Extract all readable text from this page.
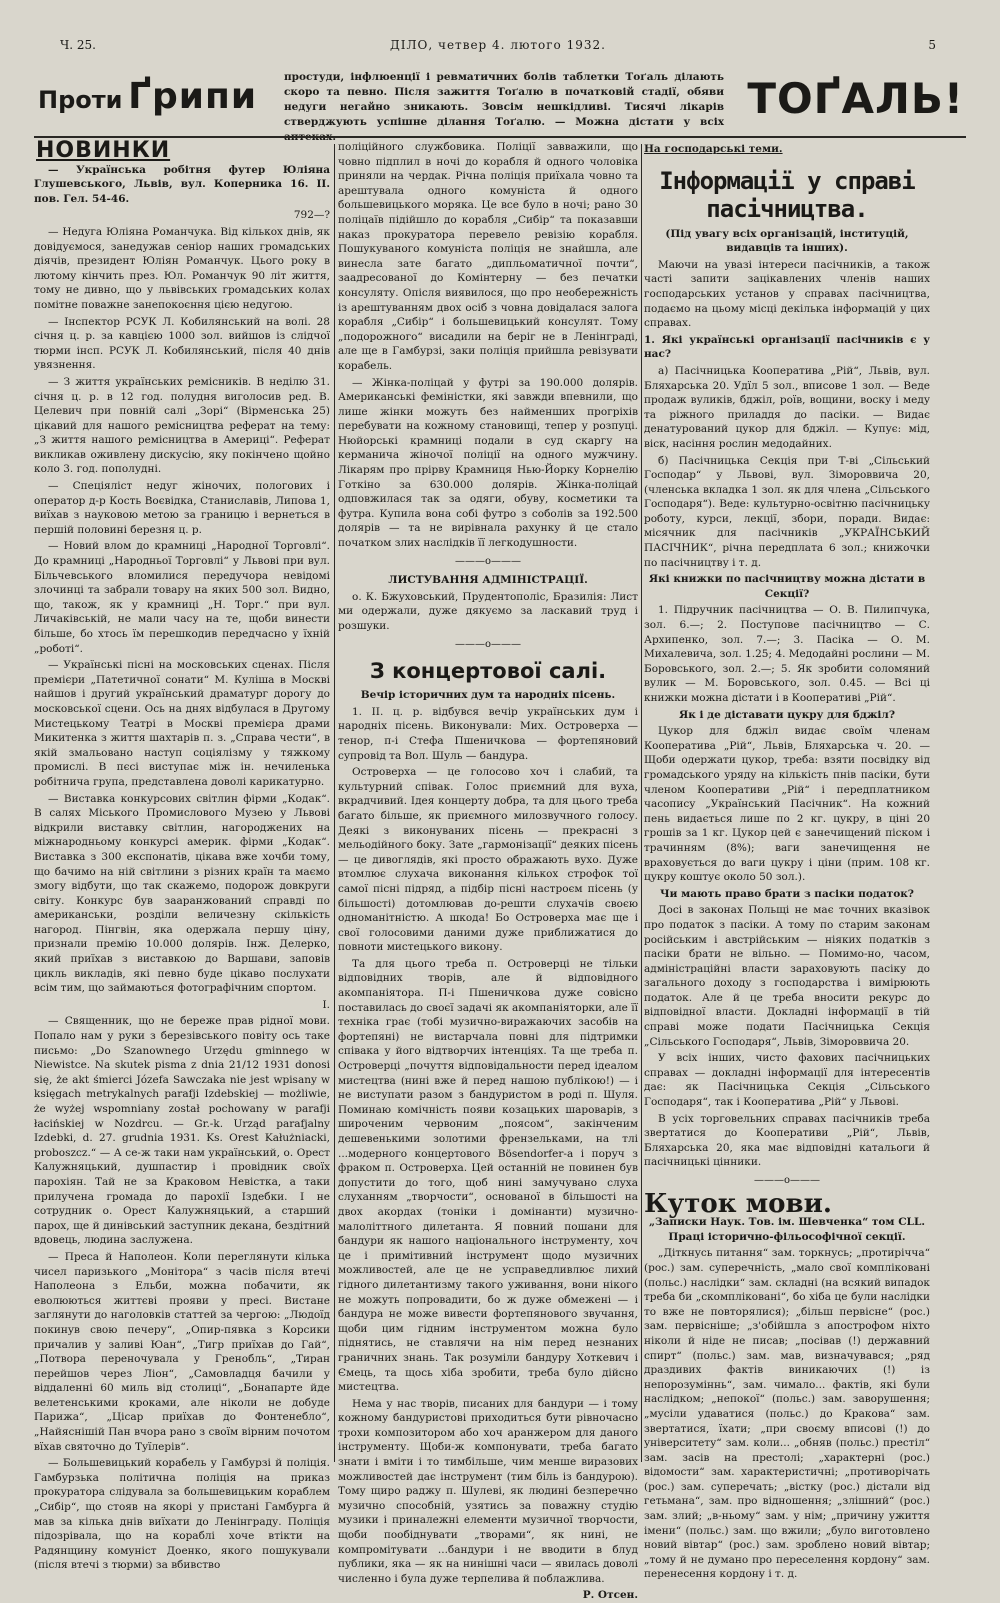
Ч. 25.	ДІЛО, четвер 4. лютого 1932.	5
Проти Ґрипи	простуди, інфлюенції і ревматичних болів таблетки Тоґаль ділають скоро та певно. Після зажиття Тоґалю в початковій стадії, обяви недуги негайно зникають. Зовсім нешкідливі. Тисячі лікарів стверджують успішне ділання Тоґалю. — Можна дістати у всіх ТОҐАЛЬ!
НОВИНКИ

— Українська робітня футер Юліяна Глушевського, Львів, вул. Коперника 16. II. пов. Гел. 54-46.

792—?

— Недуга Юліяна Романчука. Від кількох днів, як довідуємося, занедужав сеніор наших громадських діячів, президент Юліян Романчук. Цього року в лютому кінчить през. Юл. Романчук 90 літ життя, тому не дивно, що у львівських громадських колах помітне поважне занепокоєння цією недугою.

— Інспектор РСУК Л. Кобилянський на волі. 28 січня ц. р. за кавцією 1000 зол. вийшов із слідчої тюрми інсп. РСУК Л. Кобилянський, після 40 днів увязнення.

— З життя українських ремісників. В неділю 31. січня ц. р. в 12 год. полудня виголосив ред. В. Целевич при повній салі „Зорі“ (Вірменська 25) цікавий для нашого ремісництва реферат на тему: „З життя нашого ремісництва в Америці“. Реферат викликав оживлену дискусію, яку покінчено щойно коло 3. год. пополудні.

— Спеціяліст недуг жіночих, пологових і оператор д-р Кость Воєвідка, Станиславів, Липова 1, виїхав з науковою метою за границю і вернеться в першій половині березня ц. р.

— Новий влом до крамниці „Народної Торговлі“. До крамниці „Народньої Торговлі“ у Львові при вул. Більчевського вломилися передучора невідомі злочинці та забрали товару на яких 500 зол. Видно, що, також, як у крамниці „Н. Торг.“ при вул. Личаківській, не мали часу на те, щоби винести більше, бо хтось їм перешкодив передчасно у їхній „роботі“.

— Українські пісні на московських сценах. Після премієри „Патетичної сонати“ М. Куліша в Москві найшов і другий український драматург дорогу до московської сцени. Ось на днях відбулася в Другому Мистецькому Театрі в Москві премієра драми Микитенка з життя шахтарів п. з. „Справа чести“, в якій змальовано наступ соціялізму у тяжкому промислі. В пєсі виступає між ін. нечиленька робітнича група, представлена доволі карикатурно.

— Виставка конкурсових світлин фірми „Кодак“. В салях Міського Промислового Музею у Львові відкрили виставку світлин, нагороджених на міжнародньому конкурсі америк. фірми „Кодак“. Виставка з 300 експонатів, цікава вже хочби тому, що бачимо на ній світлини з різних країн та маємо змогу відбути, що так скажемо, подорож довкруги світу. Конкурс був зааранжований справді по американськи, розділи величезну скількість нагород. Пінгвін, яка одержала першу ціну, признали премію 10.000 долярів. Інж. Делерко, який приїхав з виставкою до Варшави, заповів цикль викладів, які певно буде цікаво послухати всім тим, що займаються фотографічним спортом.

І.

— Священник, що не береже прав рідної мови. Попало нам у руки з березівського повіту ось таке письмо: „Do Szanownego Urzędu gminnego w Niewistce. Na skutek pisma z dnia 21/12 1931 donosi się, że akt śmierci Józefa Sawczaka nie jest wpisany w księgach metrykalnych parafji Izdebskiej — możliwie, że wyżej wspomniany został pochowany w parafji łacińskiej w Nozdrcu. — Gr.-k. Urząd parafjalny Izdebki, d. 27. grudnia 1931. Ks. Orest Kałużniacki, proboszcz.“ — А се-ж таки нам український, о. Орест Калужняцький, душпастир і провідник своїх парохіян. Тай не за Краковом Невістка, а таки прилучена громада до парохії Іздебки. І не сотрудник о. Орест Калужняцький, а старший парох, ще й динівський заступник декана, бездітний вдовець, людина заслужена.

— Преса й Наполеон. Коли переглянути кілька чисел паризького „Монітора“ з часів після втечі Наполеона з Ельби, можна побачити, як еволюються життєві прояви у пресі. Вистане заглянути до наголовків статтей за чергою: „Людоїд покинув свою печеру“, „Опир-пявка з Корсики причалив у заливі Юан“, „Тигр приїхав до Гай“, „Потвора переночувала у Гренобль“, „Тиран перейшов через Ліон“, „Самовладця бачили у віддаленні 60 миль від столиці“, „Бонапарте йде велетенськими кроками, але ніколи не добуде Парижа“, „Цісар приїхав до Фонтенебло“, „Найяснішій Пан вчора рано з своїм вірним почотом вїхав святочно до Туїлерів“.

— Большевицький корабель у Гамбурзі й поліція. Гамбурзька політична поліція на приказ прокуратора слідувала за большевицьким кораблем „Сибір“, що стояв на якорі у пристані Гамбурга й мав за кілька днів виїхати до Ленінграду. Поліція підозрівала, що на кораблі хоче втікти на Радянщину комуніст Доенко, якого пошукували (після втечі з тюрми) за вбивство

поліційного службовика. Поліції завважили, що човно підплил в ночі до корабля й одного чоловіка приняли на чердак. Річна поліція приїхала човно та арештувала одного комуніста й одного большевицького моряка. Це все було в ночі; рано 30 поліцаїв підійшло до корабля „Сибір“ та показавши наказ прокуратора перевело ревізію корабля. Пошукуваного комуніста поліція не знайшла, але винесла затe багато „дипльоматичної почти“, заадресованої до Комінтерну — без печатки консуляту. Опісля виявилося, що про необережність із арештуванням двох осіб з човна довідалася залога корабля „Сибір“ і большевицький консулят. Тому „подорожного“ висадили на беріг не в Ленінграді, але ще в Гамбурзі, заки поліція прийшла ревізувати корабель.

— Жінка-поліцай у футрі за 190.000 долярів. Американські феміністки, які завжди впевнили, що лише жінки можуть без найменших прогріхів перебувати на кожному становищі, тепер у розпуці. Нюйорські крамниці подали в суд скаргу на керманича жіночої поліції на одного мужчину. Лікарям про прірву Крамниця Нью-Йорку Корнелію Готкіно за 630.000 долярів. Жінка-поліцай одповжилася так за одяги, обуву, косметики та футра. Купила вона собі футро з соболів за 192.500 долярів — та не вирівнала рахунку й це стало початком злих наслідків її легкодушности.

———o———

ЛИСТУВАННЯ АДМІНІСТРАЦІЇ.

о. К. Бжуховський, Прудентополіс, Бразилія: Лист ми одержали, дуже дякуємо за ласкавий труд і розшуки.

———o———
З концертової салі.

Вечір історичних дум та народніх пісень.

1. II. ц. р. відбувся вечір українських дум і народніх пісень. Виконували: Мих. Островерха — тенор, п-і Стефа Пшеничкова — фортепяновий супровід та Вол. Шуль — бандура.

Островерха — це голосово хоч і слабий, та культурний співак. Голос приємний для вуха, вкрадчивий. Ідея концерту добра, та для цього треба багато більше, як приємного милозвучного голосу. Деякі з виконуваних пісень — прекрасні з мельодійного боку. Зате „гармонізації“ деяких пісень — це дивоглядів, які просто ображають вухо. Дуже втомлює слухача виконання кількох строфок тої самої пісні підряд, а підбір пісні настроєм пісень (у більшості) дотомлював до-решти слухачів своєю одноманітністю. А шкода! Бо Островерха має ще і свої голосовими даними дуже приближатися до повноти мистецького викону.

Та для цього треба п. Островерці не тільки відповідних творів, але й відповідного акомпаніятора. П-і Пшеничкова дуже совісно поставилась до своєї задачі як акомпаніяторки, але її техніка грає (тобі музично-виражаючих засобів на фортепяні) не вистарчала повні для підтримки співака у його відтворчих інтенціях. Та ще треба п. Островерці „почуття відповідальности перед ідеалом мистецтва (нині вже й перед нашою публікою!) — і не виступати разом з бандуристом в роді п. Шуля. Поминаю комічність появи козацьких шароварів, з широченим червоним „поясом“, закінченим дешевенькими золотими френзельками, на тлі ...модерного концертового Bösendorfer-а і поруч з фраком п. Островерха. Цей останній не повинен був допустити до того, щоб нині замучувано слуха слуханням „творчости“, основаної в більшості на двох акордах (тоніки і домінанти) музично-малоліттного дилетанта. Я повний пошани для бандури як нашого національного інструменту, хоч це і примітивний інструмент щодо музичних можливостей, але це не усправедливлює лихий гідного дилетантизму такого уживання, вони нікого не можуть попровадити, бо ж дуже обмежені — і бандура не може вивести фортепянового звучання, щоби цим гідним інструментом можна було піднятись, не ставлячи на нім перед незнаних граничних знань. Так розуміли бандуру Хоткевич і Ємець, та щось хіба зробити, треба було дійсно мистецтва.

Нема у нас творів, писаних для бандури — і тому кожному бандуристові приходиться бути рівночасно трохи композитором або хоч аранжером для даного інструменту. Щоби-ж компонувати, треба багато знати і вміти і то тимбільше, чим менше виразових можливостей дає інструмент (тим біль із бандурою). Тому щиро раджу п. Шулеві, як людині безперечно музично способній, узятись за поважну студію музики і приналежні елементи музичної творчости, щоби пообіднувати „творами“, як нині, не компромітувати ...бандури і не вводити в блуд публики, яка — як на нинішні часи — явилась доволі численно і була дуже терпелива й поблажлива.

Р. Отсен.

На господарські теми.
Інформації у справі пасічництва.

(Під увагу всіх організацій, інституцій, видавців та інших).

Маючи на увазі інтереси пасічників, а також часті запити зацікавлених членів наших господарських установ у справах пасічництва, подаємо на цьому місці декілька інформацій у цих справах.

1. Які українські організації пасічників є у нас?

а) Пасічницька Кооператива „Рій“, Львів, вул. Бляхарська 20. Удїл 5 зол., вписове 1 зол. — Веде продаж вуликів, бджіл, роїв, вощини, воску і меду та ріжного приладдя до пасіки. — Видає денатурований цукор для бджіл. — Купує: мід, віск, насіння рослин медодайних.

б) Пасічницька Секція при Т-ві „Сільський Господар“ у Львові, вул. Зімороввича 20, (членська вкладка 1 зол. як для члена „Сільського Господаря“). Веде: культурно-освітню пасічницьку роботу, курси, лекції, збори, поради. Видає: місячник для пасічників „УКРАЇНСЬКИЙ ПАСІЧНИК“, річна передплата 6 зол.; книжочки по пасічництву і т. д.

Які книжки по пасічництву можна дістати в Секції?

1. Підручник пасічництва — О. В. Пилипчука, зол. 6.—; 2. Поступове пасічництво — С. Архипенко, зол. 7.—; 3. Пасіка — О. М. Михалевича, зол. 1.25; 4. Медодайні рослини — М. Боровського, зол. 2.—; 5. Як зробити соломяний вулик — М. Боровського, зол. 0.45. — Всі ці книжки можна дістати і в Кооперативі „Рій“.

Як і де діставати цукру для бджіл?

Цукор для бджіл видає своїм членам Кооператива „Рій“, Львів, Бляхарська ч. 20. — Щоби одержати цукор, треба: взяти посвідку від громадського уряду на кількість пнів пасіки, бути членом Кооперативи „Рій“ і передплатником часопису „Український Пасічник“. На кожний пень видається лише по 2 кг. цукру, в ціні 20 грошів за 1 кг. Цукор цей є занечищений піском і трачинням (8%); ваги занечищення не враховується до ваги цукру і ціни (прим. 108 кг. цукру коштує около 50 зол.).

Чи мають право брати з пасіки податок?

Досі в законах Польщі не має точних вказівок про податок з пасіки. А тому по старим законам російським і австрійським — ніяких податків з пасіки брати не вільно. — Помимо-но, часом, адміністраційні власти зараховують пасіку до загального доходу з господарства і вимірюють податок. Але й це треба вносити рекурс до відповідної власти. Докладні інформації в тій справі може подати Пасічницька Секція „Сільського Господаря“, Львів, Зімороввича 20.

У всіх інших, чисто фахових пасічницьких справах — докладні інформації для інтересентів дає: як Пасічницька Секція „Сільського Господаря“, так і Кооператива „Рій“ у Львові.

В усіх торговельних справах пасічників треба звертатися до Кооперативи „Рій“, Львів, Бляхарська 20, яка має відповідні катальоги й пасічницькі цінники.

———o———
Куток мови.

„Записки Наук. Тов. ім. Шевченка“ том CLL. Праці історично-фільософічної секції.

„Діткнусь питання“ зам. торкнусь; „протирічча“ (рос.) зам. суперечність, „мало свої компліковані (польс.) наслідки“ зам. складні (на всякий випадок треба би „скомпліковані“, бо хіба це були наслідки то вже не повторялися); „більш первісне“ (рос.) зам. первісніше; „з'обійшла з апострофом ніхто ніколи й ніде не писав; „посівав (!) державний спирт“ (польс.) зам. мав, визначувався; „ряд дрaздивих фактів виникаючих (!) із непорозуміннь“, зам. чимало... фактів, які були наслідком; „непокої“ (польс.) зам. заворушення; „мусіли удаватися (польс.) до Кракова“ зам. звертатися, їхати; „при своєму вписові (!) до університету“ зам. коли... „обняв (польс.) престіл“ зам. засів на престолі; „характерні (рос.) відомости“ зам. характеристичні; „противорічать (рос.) зам. суперечать; „вістку (рос.) дістали від гетьмана“, зам. про відношення; „злішний“ (рос.) зам. злий; „в-ньому“ зам. у нім; „причину ужиття імени“ (польс.) зам. що вжили; „було виготовлено новий вівтар“ (рос.) зам. зроблено новий вівтар; „тому й не думано про переселення кордону“ зам. перенесення кордону і т. д.
